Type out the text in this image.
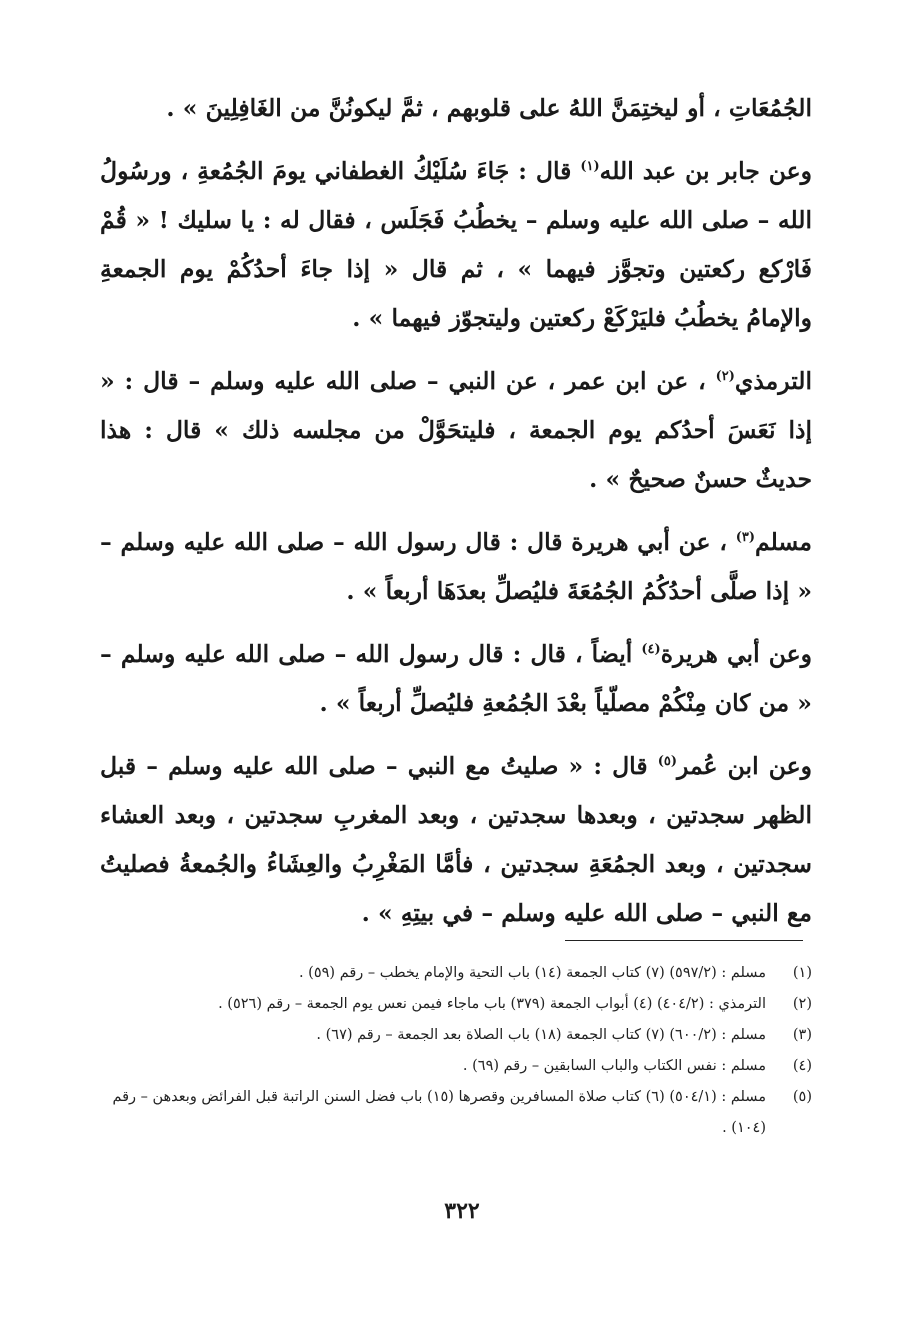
الجُمُعَاتِ ، أو ليختِمَنَّ اللهُ على قلوبهم ، ثمَّ ليكونُنَّ من الغَافِلِينَ » .

وعن جابر بن عبد الله$^{(١)}$ قال : جَاءَ سُلَيْكُ الغطفاني يومَ الجُمُعةِ ، ورسُولُ الله – صلى الله عليه وسلم – يخطُبُ فَجَلَس ، فقال له : يا سليك ! « قُمْ فَارْكع ركعتين وتجوَّز فيهما » ، ثم قال « إذا جاءَ أحدُكُمْ يوم الجمعةِ والإمامُ يخطُبُ فليَرْكَعْ ركعتين وليتجوّز فيهما » .

الترمذي$^{(٢)}$ ، عن ابن عمر ، عن النبي – صلى الله عليه وسلم – قال : « إذا نَعَسَ أحدُكم يوم الجمعة ، فليتحَوَّلْ من مجلسه ذلك » قال : هذا حديثٌ حسنٌ صحيحٌ » .

مسلم$^{(٣)}$ ، عن أبي هريرة قال : قال رسول الله – صلى الله عليه وسلم – « إذا صلَّى أحدُكُمُ الجُمُعَةَ فليُصلِّ بعدَهَا أربعاً » .

وعن أبي هريرة$^{(٤)}$ أيضاً ، قال : قال رسول الله – صلى الله عليه وسلم – « من كان مِنْكُمْ مصلّياً بعْدَ الجُمُعةِ فليُصلِّ أربعاً » .

وعن ابن عُمر$^{(٥)}$ قال : « صليتُ مع النبي – صلى الله عليه وسلم – قبل الظهر سجدتين ، وبعدها سجدتين ، وبعد المغربِ سجدتين ، وبعد العشاء سجدتين ، وبعد الجمُعَةِ سجدتين ، فأمَّا المَغْرِبُ والعِشَاءُ والجُمعةُ فصليتُ مع النبي – صلى الله عليه وسلم – في بيتِهِ » .

(١)
مسلم : (٥٩٧/٢) (٧) كتاب الجمعة (١٤) باب التحية والإمام يخطب – رقم (٥٩) .
(٢)
الترمذي : (٤٠٤/٢) (٤) أبواب الجمعة (٣٧٩) باب ماجاء فيمن نعس يوم الجمعة – رقم (٥٢٦) .
(٣)
مسلم : (٦٠٠/٢) (٧) كتاب الجمعة (١٨) باب الصلاة بعد الجمعة – رقم (٦٧) .
(٤)
مسلم : نفس الكتاب والباب السابقين – رقم (٦٩) .
(٥)
مسلم : (٥٠٤/١) (٦) كتاب صلاة المسافرين وقصرها (١٥) باب فضل السنن الراتبة قبل الفرائض وبعدهن – رقم (١٠٤) .
٣٢٢
